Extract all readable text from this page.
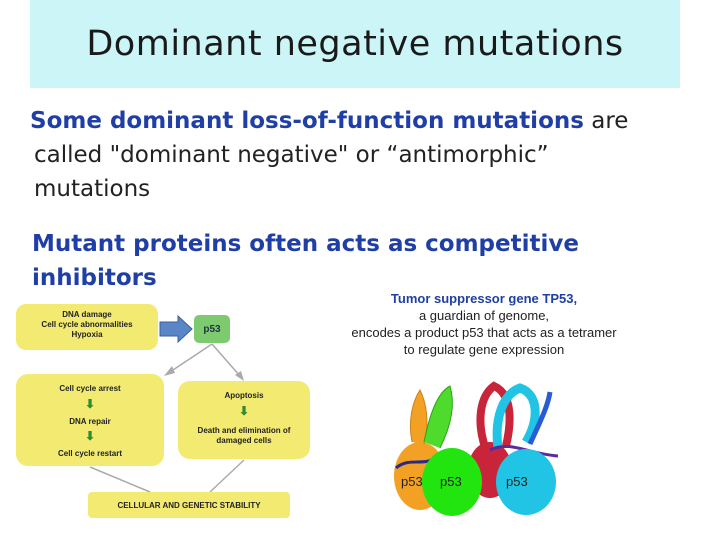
Dominant negative mutations
Some dominant loss-of-function mutations are
called "dominant negative" or “antimorphic”
mutations
Mutant proteins often acts as competitive
inhibitors
DNA damage
Cell cycle abnormalities
Hypoxia	p53
Cell cycle arrest
⬇
DNA repair
⬇
Cell cycle restart
Apoptosis
⬇
Death and elimination of
damaged cells
CELLULAR AND GENETIC STABILITY
Tumor suppressor gene TP53,
a guardian of genome,
encodes a product p53 that acts as a tetramer
to regulate gene expression
p53 p53	p53
